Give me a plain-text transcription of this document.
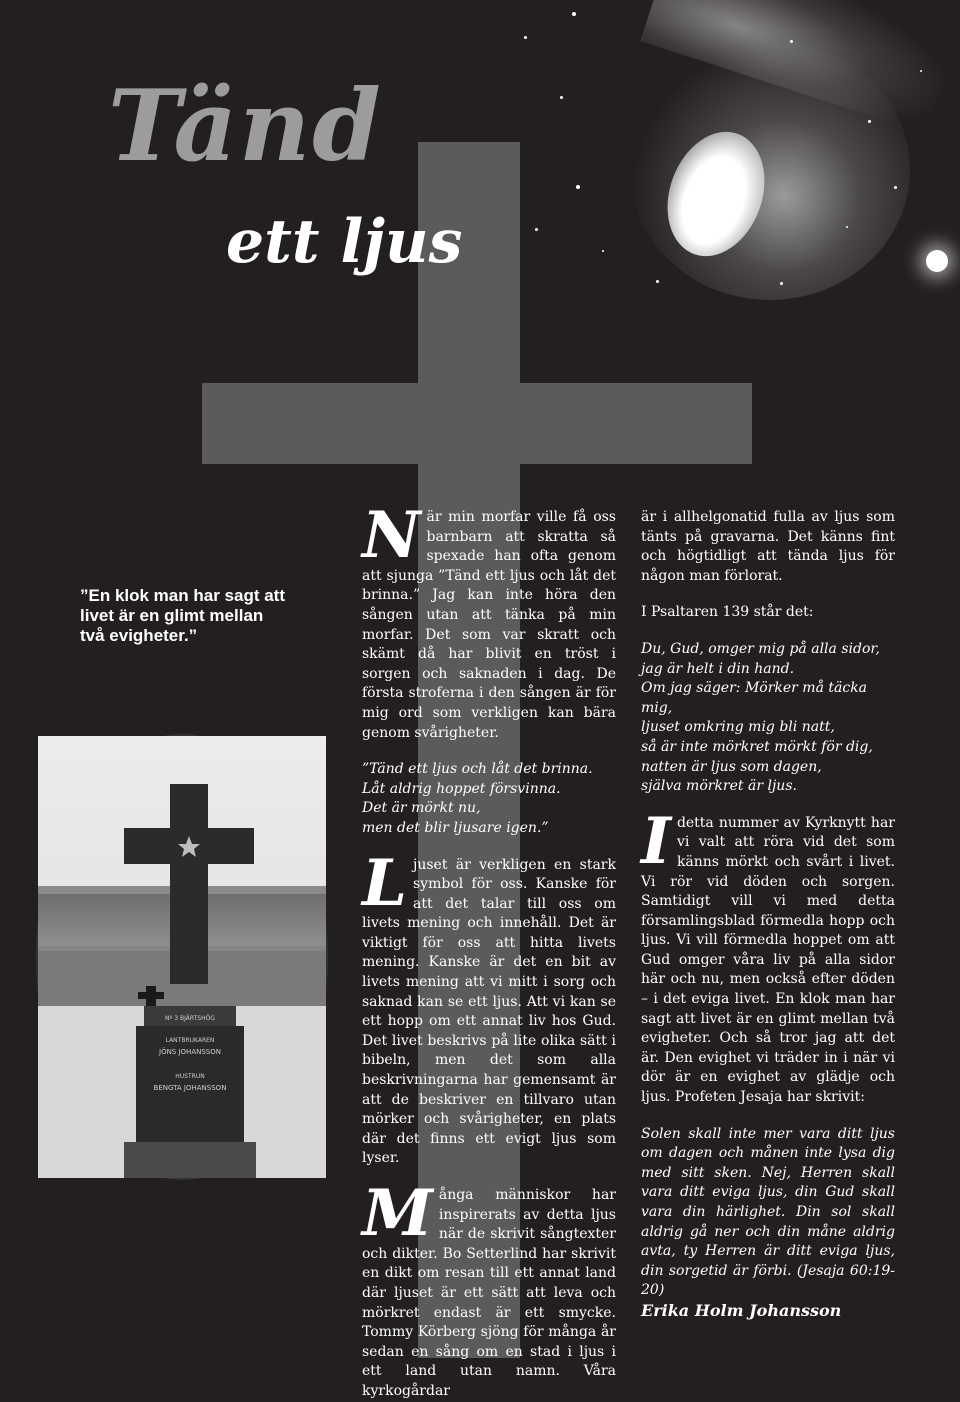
Tänd
ett ljus

”En klok man har sagt att livet är en glimt mellan två evigheter.”

Nº 3 BJÄRTSHÖG
LANTBRUKAREN
JÖNS JOHANSSON
HUSTRUN
BENGTA JOHANSSON

När min morfar ville få oss barnbarn att skratta så spexade han ofta genom att sjunga ”Tänd ett ljus och låt det brinna.” Jag kan inte höra den sången utan att tänka på min morfar. Det som var skratt och skämt då har blivit en tröst i sorgen och saknaden i dag. De första stroferna i den sången är för mig ord som verkligen kan bära genom svårigheter.

”Tänd ett ljus och låt det brinna.

Låt aldrig hoppet försvinna.

Det är mörkt nu,

men det blir ljusare igen.”

Ljuset är verkligen en stark symbol för oss. Kanske för att det talar till oss om livets mening och innehåll. Det är viktigt för oss att hitta livets mening. Kanske är det en bit av livets mening att vi mitt i sorg och saknad kan se ett ljus. Att vi kan se ett hopp om ett annat liv hos Gud. Det livet beskrivs på lite olika sätt i bibeln, men det som alla beskrivningarna har gemensamt är att de beskriver en tillvaro utan mörker och svårigheter, en plats där det finns ett evigt ljus som lyser.

Många människor har inspirerats av detta ljus när de skrivit sångtexter och dikter. Bo Setterlind har skrivit en dikt om resan till ett annat land där ljuset är ett sätt att leva och mörkret endast är ett smycke. Tommy Körberg sjöng för många år sedan en sång om en stad i ljus i ett land utan namn. Våra kyrkogårdar

är i allhelgonatid fulla av ljus som tänts på gravarna. Det känns fint och högtidligt att tända ljus för någon man förlorat.

I Psaltaren 139 står det:

Du, Gud, omger mig på alla sidor,

jag är helt i din hand.

Om jag säger: Mörker må täcka mig,

ljuset omkring mig bli natt,

så är inte mörkret mörkt för dig,

natten är ljus som dagen,

själva mörkret är ljus.

Idetta nummer av Kyrknytt har vi valt att röra vid det som känns mörkt och svårt i livet. Vi rör vid döden och sorgen. Samtidigt vill vi med detta församlingsblad förmedla hopp och ljus. Vi vill förmedla hoppet om att Gud omger våra liv på alla sidor här och nu, men också efter döden – i det eviga livet. En klok man har sagt att livet är en glimt mellan två evigheter. Och så tror jag att det är. Den evighet vi träder in i när vi dör är en evighet av glädje och ljus. Profeten Jesaja har skrivit:

Solen skall inte mer vara ditt ljus om dagen och månen inte lysa dig med sitt sken. Nej, Herren skall vara ditt eviga ljus, din Gud skall vara din härlighet. Din sol skall aldrig gå ner och din måne aldrig avta, ty Herren är ditt eviga ljus, din sorgetid är förbi. (Jesaja 60:19-20)

Erika Holm Johansson
